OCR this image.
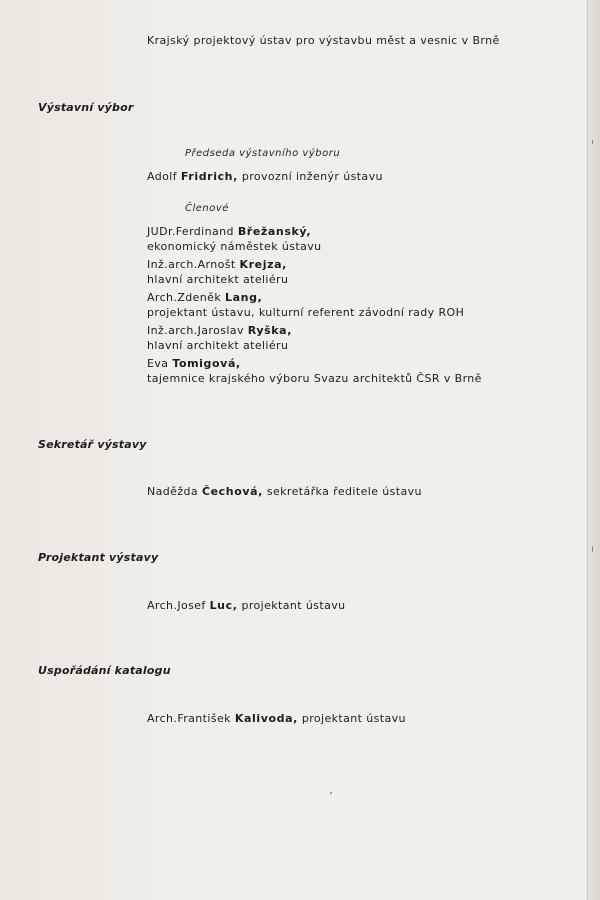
Krajský projektový ústav pro výstavbu měst a vesnic v Brně
Výstavní výbor
Předseda výstavního výboru
Adolf Fridrich, provozní inženýr ústavu
Členové
JUDr.Ferdinand Břežanský,
ekonomický náměstek ústavu
Inž.arch.Arnošt Krejza,
hlavní architekt ateliéru
Arch.Zdeněk Lang,
projektant ústavu, kulturní referent závodní rady ROH
Inž.arch.Jaroslav Ryška,
hlavní architekt ateliéru
Eva Tomigová,
tajemnice krajského výboru Svazu architektů ČSR v Brně
Sekretář výstavy
Naděžda Čechová, sekretářka ředitele ústavu
Projektant výstavy
Arch.Josef Luc, projektant ústavu
Uspořádání katalogu
Arch.František Kalivoda, projektant ústavu
